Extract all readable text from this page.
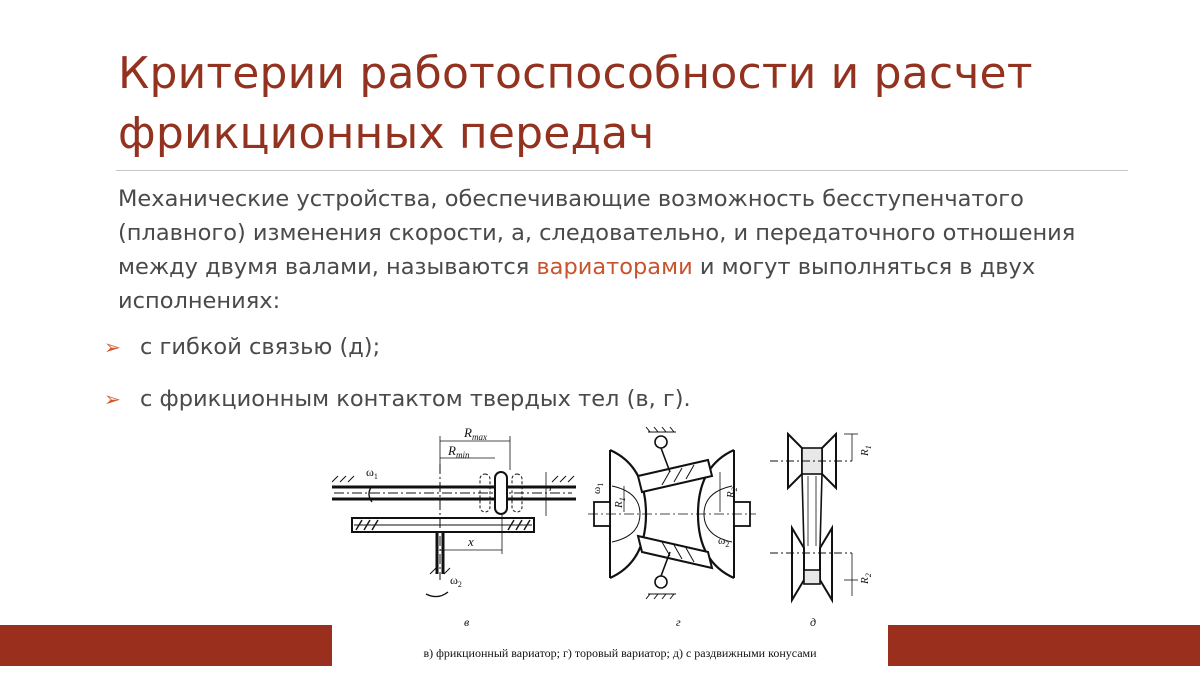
Критерии работоспособности и расчет
фрикционных передач

Механические устройства, обеспечивающие возможность бесступенчатого (плавного) изменения скорости, а, следовательно, и передаточного отношения между двумя валами, называются вариаторами и могут выполняться в двух исполнениях:

➢ с гибкой связью (д);
➢ с фрикционным контактом твердых тел (в, г).
$R_{max}$
$R_{min}$
x
$\omega_1$
$\omega_2$
r
в
$\omega_1$
$R_1$
$R_2$
$\omega_2$
г
$R_1$
$R_2$
д
в) фрикционный вариатор; г) торовый вариатор; д) с раздвижными конусами
